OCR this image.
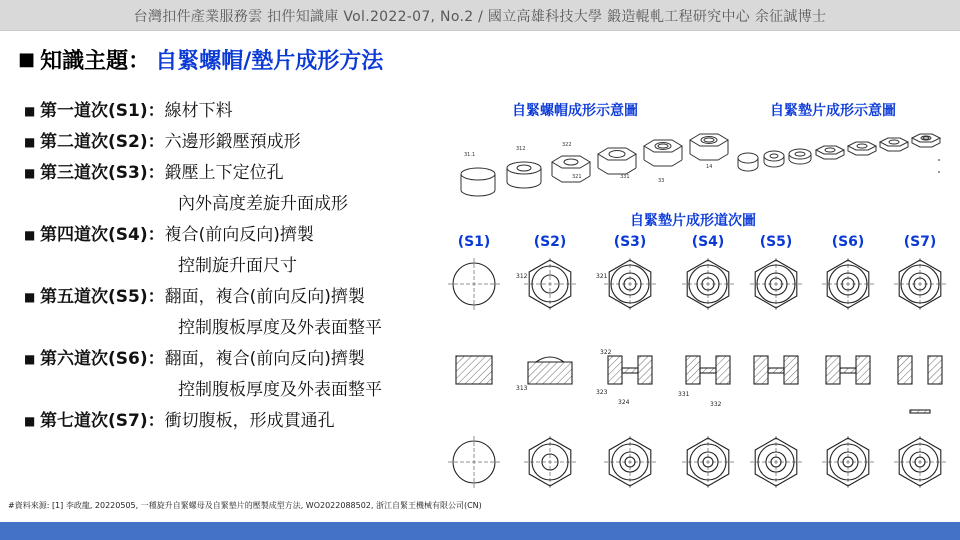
台灣扣件產業服務雲 扣件知識庫 Vol.2022-07, No.2 / 國立高雄科技大學 鍛造輥軋工程研究中心 余征誠博士
■ 知識主題： 自緊螺帽/墊片成形方法
■ 第一道次(S1)：線材下料
■ 第二道次(S2)：六邊形鍛壓預成形
■ 第三道次(S3)：鍛壓上下定位孔
內外高度差旋升面成形
■ 第四道次(S4)：複合(前向反向)擠製
控制旋升面尺寸
■ 第五道次(S5)：翻面，複合(前向反向)擠製
控制腹板厚度及外表面整平
■ 第六道次(S6)：翻面，複合(前向反向)擠製
控制腹板厚度及外表面整平
■ 第七道次(S7)：衝切腹板，形成貫通孔
自緊螺帽成形示意圖	自緊墊片成形示意圖
31.1
312
322
321	331
33
14
自緊墊片成形道次圖
(S1)	(S2)	(S3)	(S4)	(S5)	(S6)	(S7)
312
313
321
322
323
324
331
332
#資料來源: [1] 李政龍, 20220505, 一種旋升自緊螺母及自緊墊片的壓製成型方法, WO2022088502, 浙江自緊王機械有限公司(CN)
